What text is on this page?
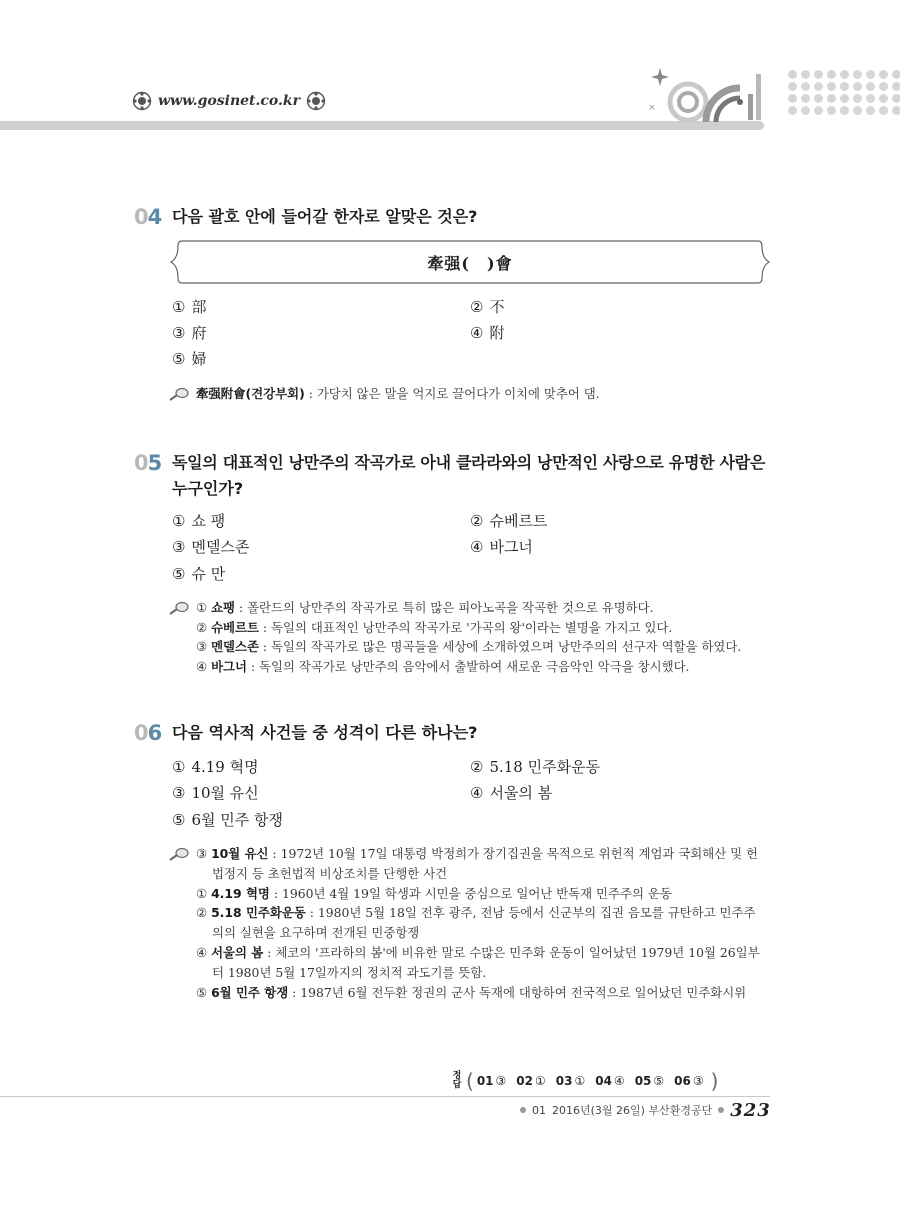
www.gosinet.co.kr	×
04 다음 괄호 안에 들어갈 한자로 알맞은 것은?
牽强(　)會
① 部	② 不
③ 府	④ 附
⑤ 婦
牽强附會(견강부회) : 가당치 않은 말을 억지로 끌어다가 이치에 맞추어 댐.
05 독일의 대표적인 낭만주의 작곡가로 아내 클라라와의 낭만적인 사랑으로 유명한 사람은
누구인가?
① 쇼 팽	② 슈베르트
③ 멘델스존	④ 바그너
⑤ 슈 만
① 쇼팽 : 폴란드의 낭만주의 작곡가로 특히 많은 피아노곡을 작곡한 것으로 유명하다.
② 슈베르트 : 독일의 대표적인 낭만주의 작곡가로 '가곡의 왕'이라는 별명을 가지고 있다.
③ 멘델스존 : 독일의 작곡가로 많은 명곡들을 세상에 소개하였으며 낭만주의의 선구자 역할을 하였다.
④ 바그너 : 독일의 작곡가로 낭만주의 음악에서 출발하여 새로운 극음악인 악극을 창시했다.
06 다음 역사적 사건들 중 성격이 다른 하나는?
① 4.19 혁명	② 5.18 민주화운동
③ 10월 유신	④ 서울의 봄
⑤ 6월 민주 항쟁
③ 10월 유신 : 1972년 10월 17일 대통령 박정희가 장기집권을 목적으로 위헌적 계엄과 국회해산 및 헌
법정지 등 초헌법적 비상조치를 단행한 사건
① 4.19 혁명 : 1960년 4월 19일 학생과 시민을 중심으로 일어난 반독재 민주주의 운동
② 5.18 민주화운동 : 1980년 5월 18일 전후 광주, 전남 등에서 신군부의 집권 음모를 규탄하고 민주주
의의 실현을 요구하며 전개된 민중항쟁
④ 서울의 봄 : 체코의 '프라하의 봄'에 비유한 말로 수많은 민주화 운동이 일어났던 1979년 10월 26일부
터 1980년 5월 17일까지의 정치적 과도기를 뜻함.
⑤ 6월 민주 항쟁 : 1987년 6월 전두환 정권의 군사 독재에 대항하여 전국적으로 일어났던 민주화시위
정답 ( 01 ③ 02 ① 03 ① 04 ④ 05 ⑤ 06 ③ )
01 2016년(3월 26일) 부산환경공단 323
